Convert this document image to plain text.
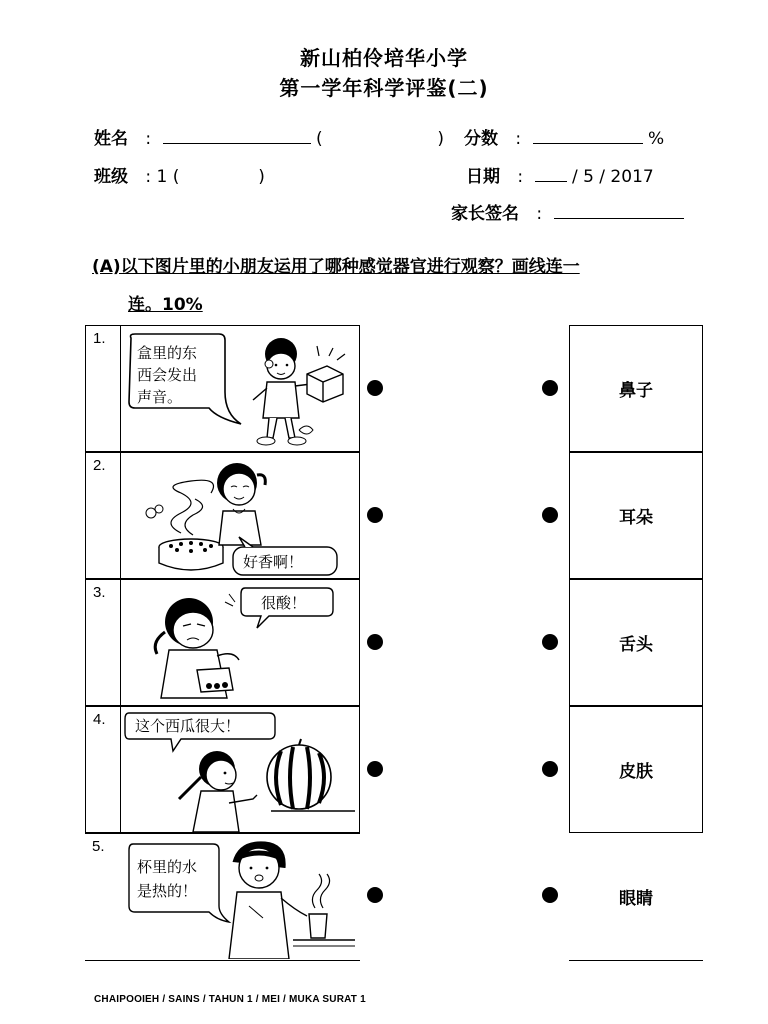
新山柏伶培华小学
第一学年科学评鉴(二)
姓名 :	(	) 分数 :	%
班级 : 1 (	)	日期 :	/ 5 / 2017
家长签名 :
(A)以下图片里的小朋友运用了哪种感觉器官进行观察？画线连一
连。10%
1.
盒里的东
西会发出
声音。
2.
好香啊！
3.
很酸！
4. 这个西瓜很大！
5.
杯里的水
是热的！
鼻子
耳朵
舌头
皮肤
眼睛
CHAIPOOIEH / SAINS / TAHUN 1 / MEI / MUKA SURAT 1
